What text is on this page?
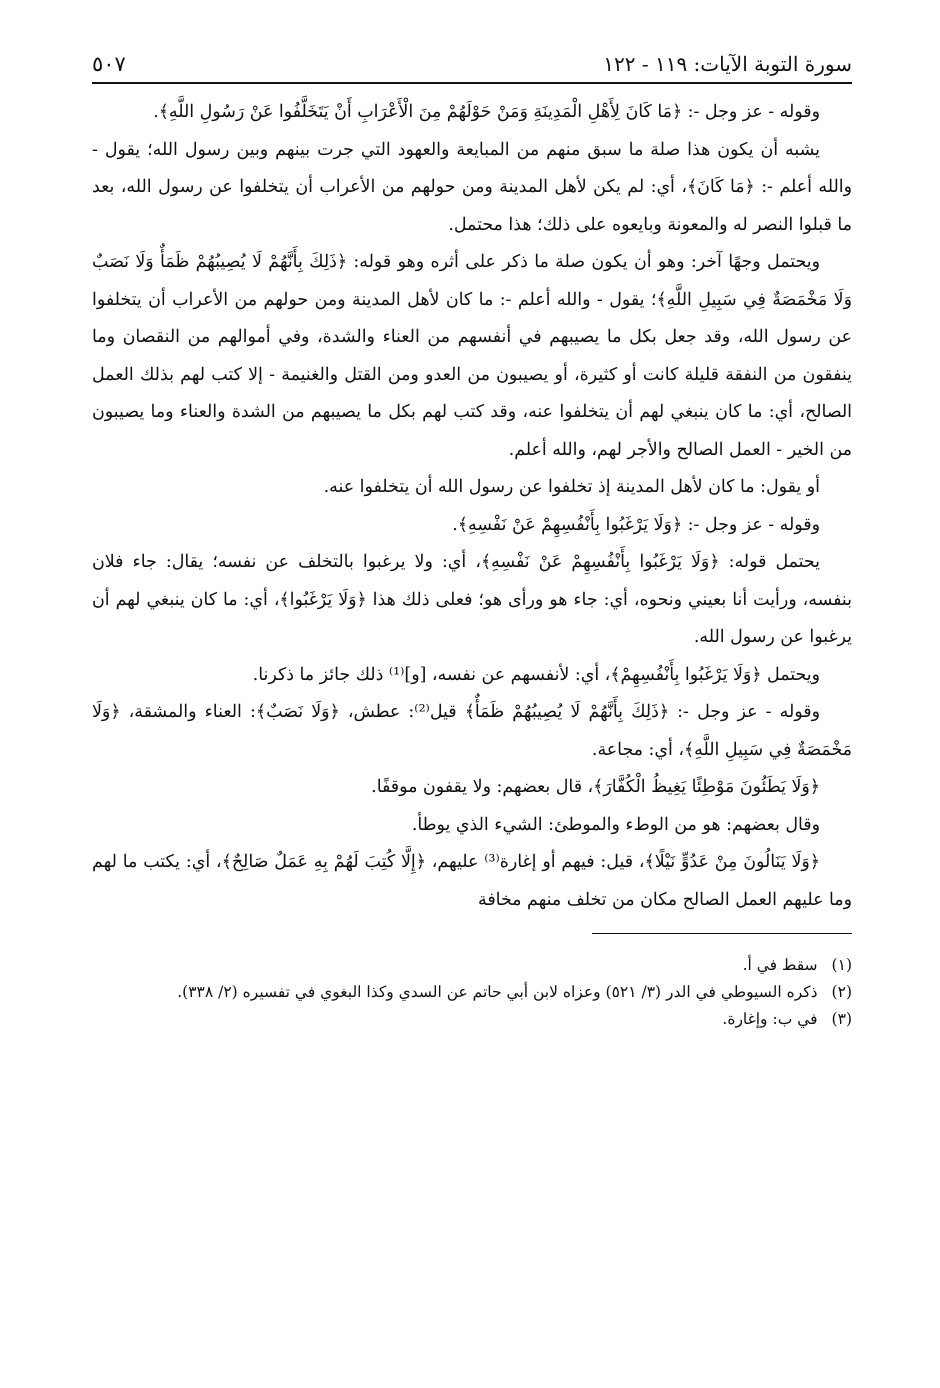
سورة التوبة الآيات: ١١٩ - ١٢٢
٥٠٧

وقوله - عز وجل -: ﴿مَا كَانَ لِأَهْلِ الْمَدِينَةِ وَمَنْ حَوْلَهُمْ مِنَ الْأَعْرَابِ أَنْ يَتَخَلَّفُوا عَنْ رَسُولِ اللَّهِ﴾.

يشبه أن يكون هذا صلة ما سبق منهم من المبايعة والعهود التي جرت بينهم وبين رسول الله؛ يقول - والله أعلم -: ﴿مَا كَانَ﴾، أي: لم يكن لأهل المدينة ومن حولهم من الأعراب أن يتخلفوا عن رسول الله، بعد ما قبلوا النصر له والمعونة وبايعوه على ذلك؛ هذا محتمل.

ويحتمل وجهًا آخر: وهو أن يكون صلة ما ذكر على أثره وهو قوله: ﴿ذَلِكَ بِأَنَّهُمْ لَا يُصِيبُهُمْ ظَمَأٌ وَلَا نَصَبٌ وَلَا مَخْمَصَةٌ فِي سَبِيلِ اللَّهِ﴾؛ يقول - والله أعلم -: ما كان لأهل المدينة ومن حولهم من الأعراب أن يتخلفوا عن رسول الله، وقد جعل بكل ما يصيبهم في أنفسهم من العناء والشدة، وفي أموالهم من النقصان وما ينفقون من النفقة قليلة كانت أو كثيرة، أو يصيبون من العدو ومن القتل والغنيمة - إلا كتب لهم بذلك العمل الصالح، أي: ما كان ينبغي لهم أن يتخلفوا عنه، وقد كتب لهم بكل ما يصيبهم من الشدة والعناء وما يصيبون من الخير - العمل الصالح والأجر لهم، والله أعلم.

أو يقول: ما كان لأهل المدينة إذ تخلفوا عن رسول الله أن يتخلفوا عنه.

وقوله - عز وجل -: ﴿وَلَا يَرْغَبُوا بِأَنْفُسِهِمْ عَنْ نَفْسِهِ﴾.

يحتمل قوله: ﴿وَلَا يَرْغَبُوا بِأَنْفُسِهِمْ عَنْ نَفْسِهِ﴾، أي: ولا يرغبوا بالتخلف عن نفسه؛ يقال: جاء فلان بنفسه، ورأيت أنا بعيني ونحوه، أي: جاء هو ورأى هو؛ فعلى ذلك هذا ﴿وَلَا يَرْغَبُوا﴾، أي: ما كان ينبغي لهم أن يرغبوا عن رسول الله.

ويحتمل ﴿وَلَا يَرْغَبُوا بِأَنْفُسِهِمْ﴾، أي: لأنفسهم عن نفسه، [و]⁽¹⁾ ذلك جائز ما ذكرنا.

وقوله - عز وجل -: ﴿ذَلِكَ بِأَنَّهُمْ لَا يُصِيبُهُمْ ظَمَأٌ﴾ قيل⁽²⁾: عطش، ﴿وَلَا نَصَبٌ﴾: العناء والمشقة، ﴿وَلَا مَخْمَصَةٌ فِي سَبِيلِ اللَّهِ﴾، أي: مجاعة.

﴿وَلَا يَطَئُونَ مَوْطِئًا يَغِيظُ الْكُفَّارَ﴾، قال بعضهم: ولا يقفون موقفًا.

وقال بعضهم: هو من الوطء والموطئ: الشيء الذي يوطأ.

﴿وَلَا يَنَالُونَ مِنْ عَدُوٍّ نَيْلًا﴾، قيل: فيهم أو إغارة⁽³⁾ عليهم، ﴿إِلَّا كُتِبَ لَهُمْ بِهِ عَمَلٌ صَالِحٌ﴾، أي: يكتب ما لهم وما عليهم العمل الصالح مكان من تخلف منهم مخافة

(١)
سقط في أ.
(٢)
ذكره السيوطي في الدر (٣/ ٥٢١) وعزاه لابن أبي حاتم عن السدي وكذا البغوي في تفسيره (٢/ ٣٣٨).
(٣)
في ب: وإغارة.
